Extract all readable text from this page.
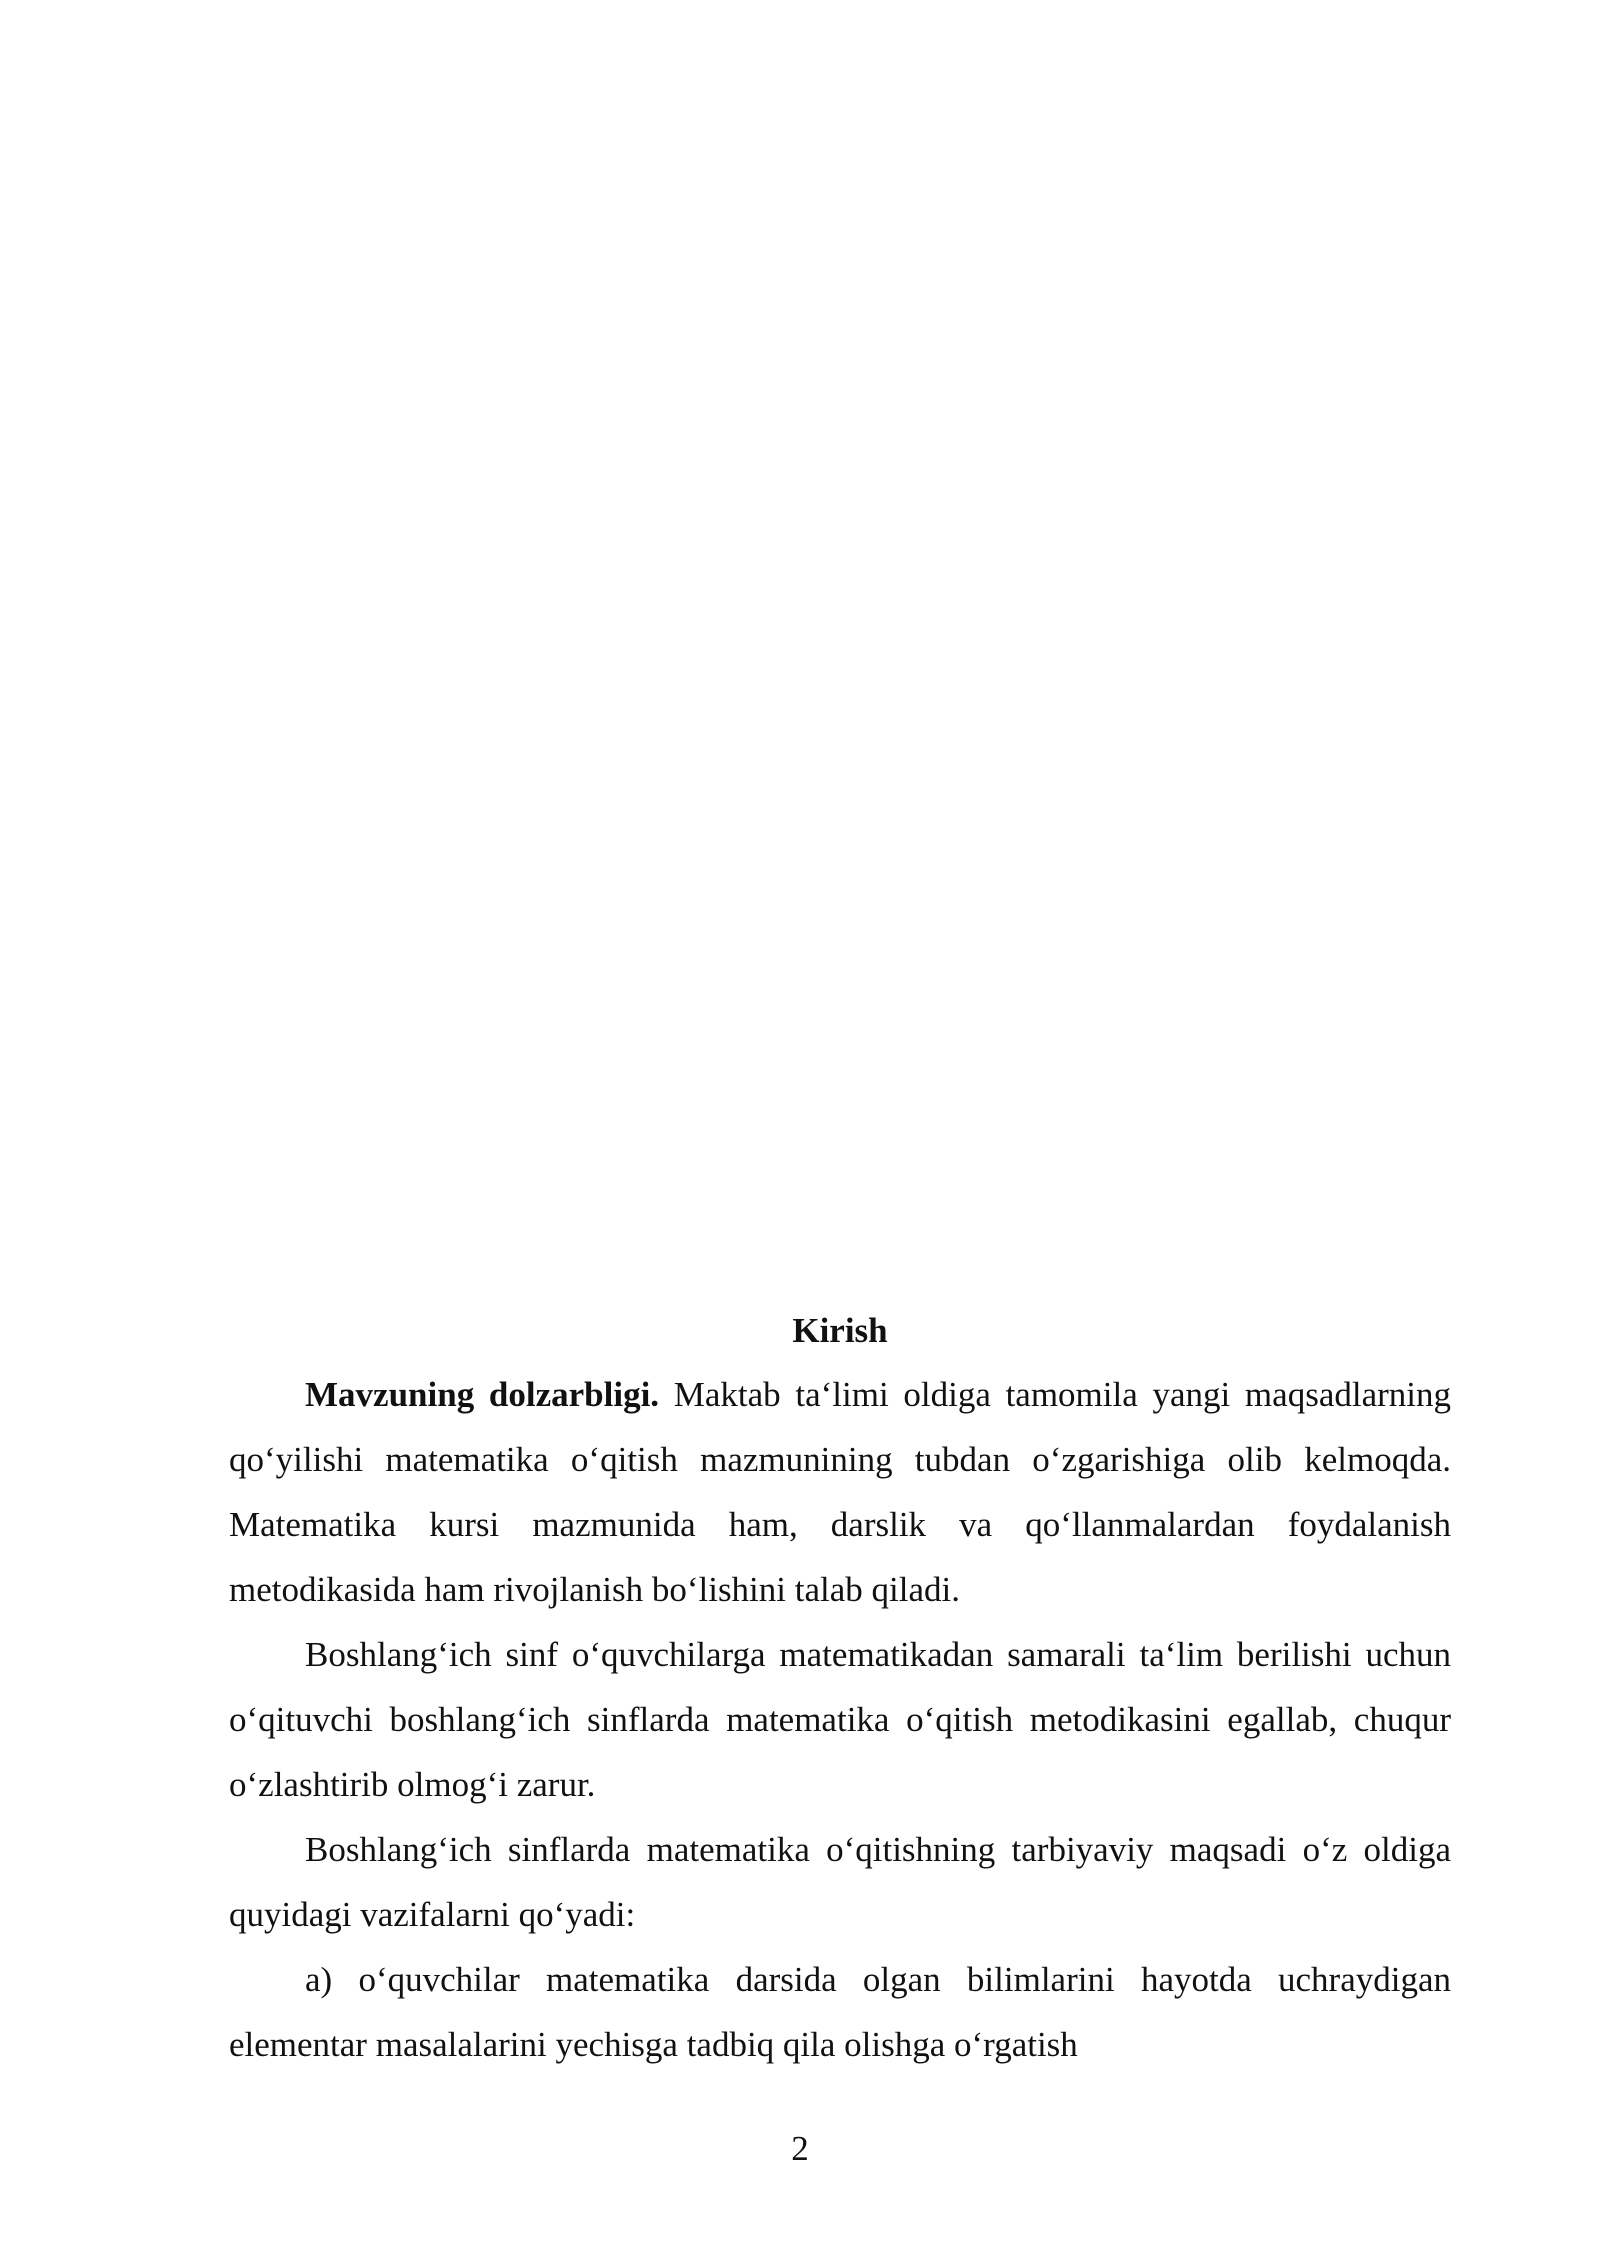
Kirish

Mavzuning dolzarbligi. Maktab ta‘limi oldiga tamomila yangi maqsadlarning qo‘yilishi matematika o‘qitish mazmunining tubdan o‘zgarishiga olib kelmoqda. Matematika kursi mazmunida ham, darslik va qo‘llanmalardan foydalanish metodikasida ham rivojlanish bo‘lishini talab qiladi.

Boshlang‘ich sinf o‘quvchilarga matematikadan samarali ta‘lim berilishi uchun o‘qituvchi boshlang‘ich sinflarda matematika o‘qitish metodikasini egallab, chuqur o‘zlashtirib olmog‘i zarur.

Boshlang‘ich sinflarda matematika o‘qitishning tarbiyaviy maqsadi o‘z oldiga quyidagi vazifalarni qo‘yadi:

a) o‘quvchilar matematika darsida olgan bilimlarini hayotda uchraydigan elementar masalalarini yechisga tadbiq qila olishga o‘rgatish

2
